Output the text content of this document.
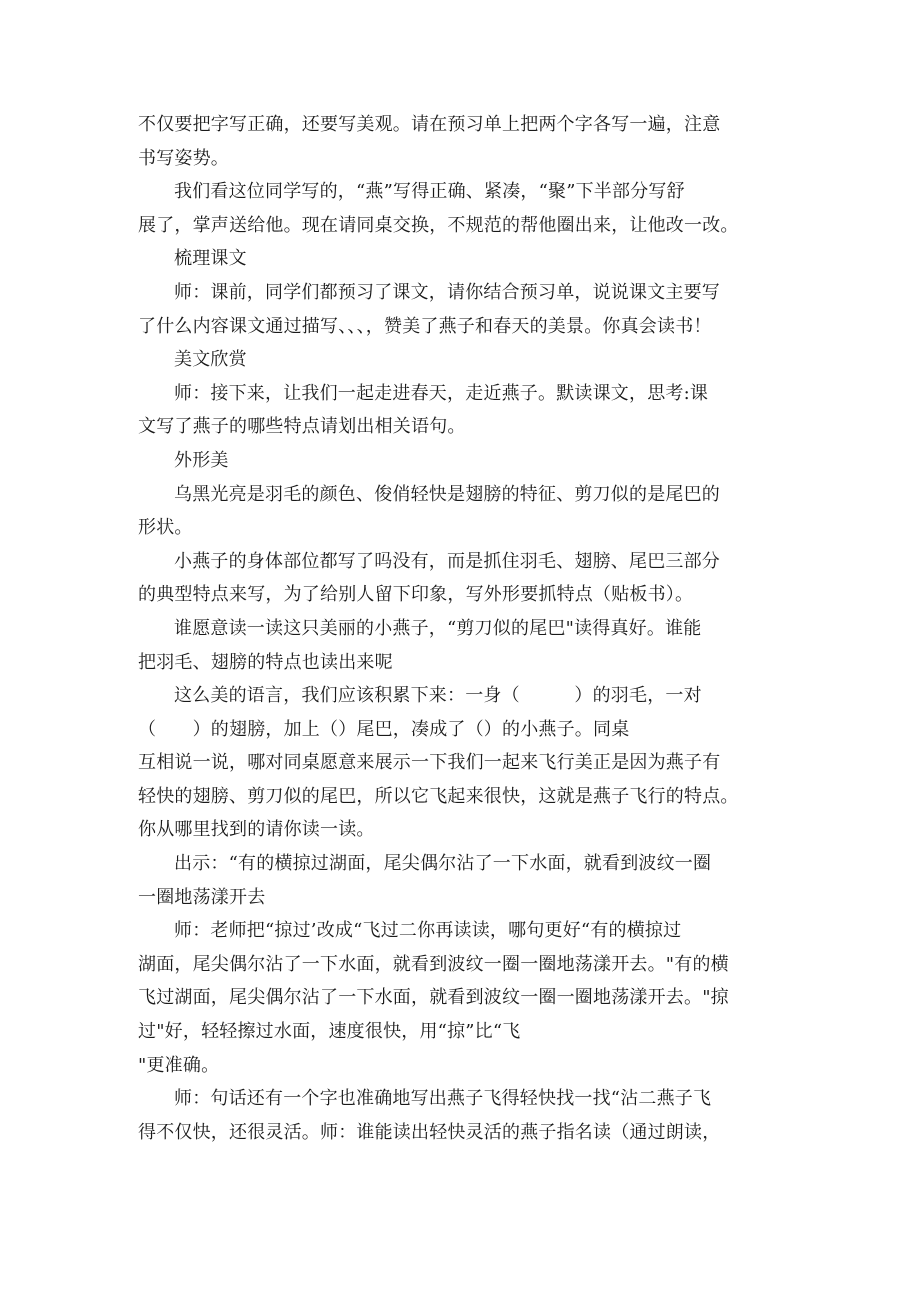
不仅要把字写正确，还要写美观。请在预习单上把两个字各写一遍，注意
书写姿势。
我们看这位同学写的，“燕”写得正确、紧凑，“聚”下半部分写舒
展了，掌声送给他。现在请同桌交换，不规范的帮他圈出来，让他改一改。
梳理课文
师：课前，同学们都预习了课文，请你结合预习单，说说课文主要写
了什么内容课文通过描写、、、，赞美了燕子和春天的美景。你真会读书！
美文欣赏
师：接下来，让我们一起走进春天，走近燕子。默读课文，思考:课
文写了燕子的哪些特点请划出相关语句。
外形美
乌黑光亮是羽毛的颜色、俊俏轻快是翅膀的特征、剪刀似的是尾巴的
形状。
小燕子的身体部位都写了吗没有，而是抓住羽毛、翅膀、尾巴三部分
的典型特点来写，为了给别人留下印象，写外形要抓特点（贴板书）。
谁愿意读一读这只美丽的小燕子，“剪刀似的尾巴"读得真好。谁能
把羽毛、翅膀的特点也读出来呢
这么美的语言，我们应该积累下来：一身（　　　）的羽毛，一对
（　　）的翅膀，加上（）尾巴，凑成了（）的小燕子。同桌
互相说一说，哪对同桌愿意来展示一下我们一起来飞行美正是因为燕子有
轻快的翅膀、剪刀似的尾巴，所以它飞起来很快，这就是燕子飞行的特点。
你从哪里找到的请你读一读。
出示：“有的横掠过湖面，尾尖偶尔沾了一下水面，就看到波纹一圈
一圈地荡漾开去
师：老师把“掠过’改成“飞过二你再读读，哪句更好“有的横掠过
湖面，尾尖偶尔沾了一下水面，就看到波纹一圈一圈地荡漾开去。"有的横
飞过湖面，尾尖偶尔沾了一下水面，就看到波纹一圈一圈地荡漾开去。"掠
过"好，轻轻擦过水面，速度很快，用“掠”比“飞
"更准确。
师：句话还有一个字也准确地写出燕子飞得轻快找一找“沾二燕子飞
得不仅快，还很灵活。师：谁能读出轻快灵活的燕子指名读（通过朗读，
